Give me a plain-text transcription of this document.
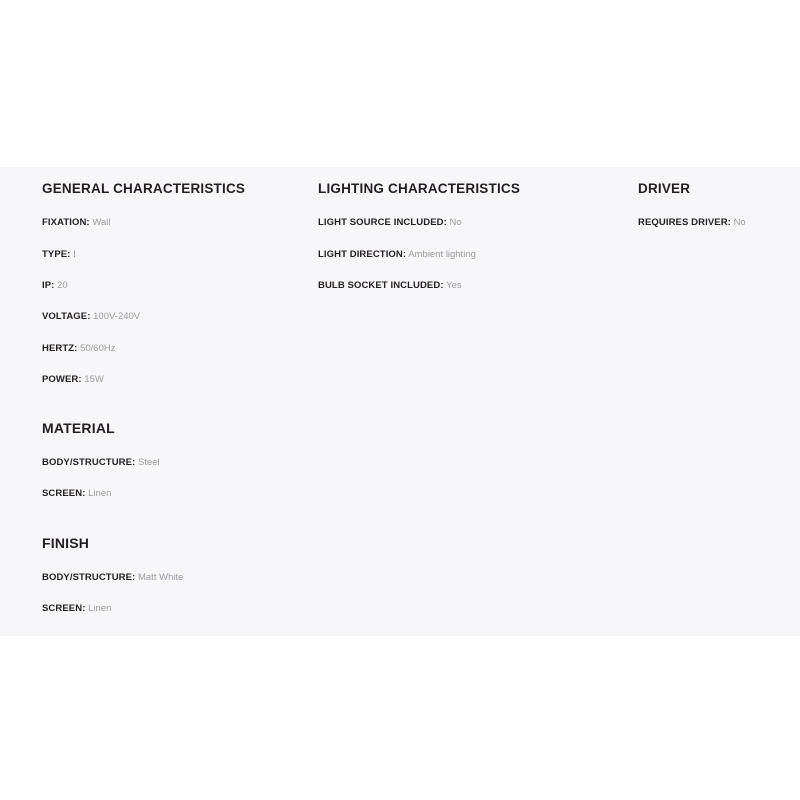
GENERAL CHARACTERISTICS
FIXATION: Wall
TYPE: I
IP: 20
VOLTAGE: 100V-240V
HERTZ: 50/60Hz
POWER: 15W
MATERIAL
BODY/STRUCTURE: Steel
SCREEN: Linen
FINISH
BODY/STRUCTURE: Matt White
SCREEN: Linen
LIGHTING CHARACTERISTICS
LIGHT SOURCE INCLUDED: No
LIGHT DIRECTION: Ambient lighting
BULB SOCKET INCLUDED: Yes
DRIVER
REQUIRES DRIVER: No
